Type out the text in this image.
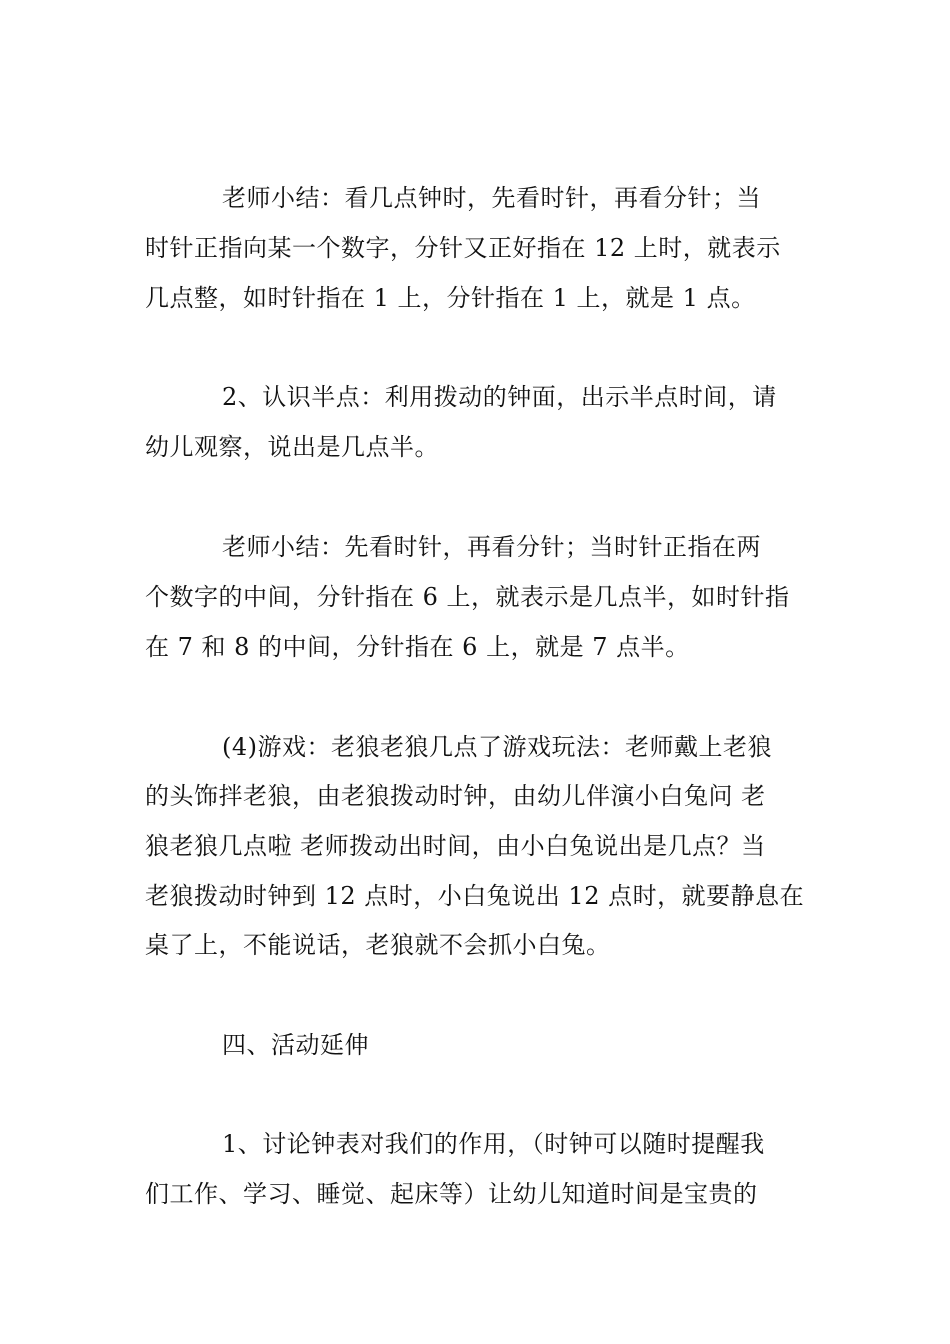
老师小结：看几点钟时，先看时针，再看分针；当
时针正指向某一个数字，分针又正好指在 12 上时，就表示
几点整，如时针指在 1 上，分针指在 1 上，就是 1 点。
2、认识半点：利用拨动的钟面，出示半点时间，请
幼儿观察，说出是几点半。
老师小结：先看时针，再看分针；当时针正指在两
个数字的中间，分针指在 6 上，就表示是几点半，如时针指
在 7 和 8 的中间，分针指在 6 上，就是 7 点半。
(4)游戏：老狼老狼几点了游戏玩法：老师戴上老狼
的头饰拌老狼，由老狼拨动时钟，由幼儿伴演小白兔问 老
狼老狼几点啦 老师拨动出时间，由小白兔说出是几点？当
老狼拨动时钟到 12 点时，小白兔说出 12 点时，就要静息在
桌了上，不能说话，老狼就不会抓小白兔。
四、活动延伸
1、讨论钟表对我们的作用，（时钟可以随时提醒我
们工作、学习、睡觉、起床等）让幼儿知道时间是宝贵的
